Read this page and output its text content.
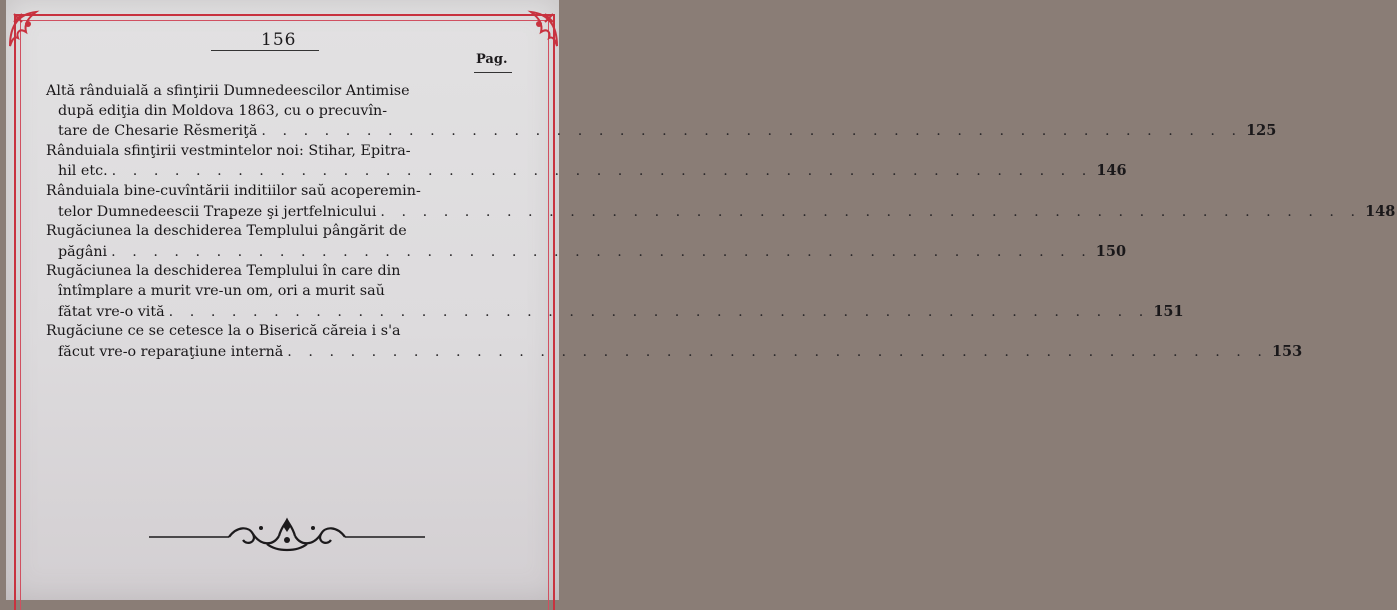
156
Pag.
Altă rânduială a sfinţirii Dumnedeescilor Antimise
după ediţia din Moldova 1863, cu o precuvîn-
tare de Chesarie Rĕsmeriţă . . . . . . . . . . . . . . . . . . . . . . . . . . . . . . . . . . . . . . . . . . . . . . . 125
Rânduiala sfinţirii vestmintelor noi: Stihar, Epitra-
hil etc. . . . . . . . . . . . . . . . . . . . . . . . . . . . . . . . . . . . . . . . . . . . . . . . 146
Rânduiala bine-cuvîntării inditiilor saŭ acoperemin-
telor Dumnedeescii Trapeze şi jertfelnicului . . . . . . . . . . . . . . . . . . . . . . . . . . . . . . . . . . . . . . . . . . . . . . . 148
Rugăciunea la deschiderea Templului pângărit de
păgâni . . . . . . . . . . . . . . . . . . . . . . . . . . . . . . . . . . . . . . . . . . . . . . . 150
Rugăciunea la deschiderea Templului în care din
întîmplare a murit vre-un om, ori a murit saŭ
fătat vre-o vită . . . . . . . . . . . . . . . . . . . . . . . . . . . . . . . . . . . . . . . . . . . . . . . 151
Rugăciune ce se cetesce la o Biserică căreia i s'a
făcut vre-o reparaţiune internă . . . . . . . . . . . . . . . . . . . . . . . . . . . . . . . . . . . . . . . . . . . . . . . 153
